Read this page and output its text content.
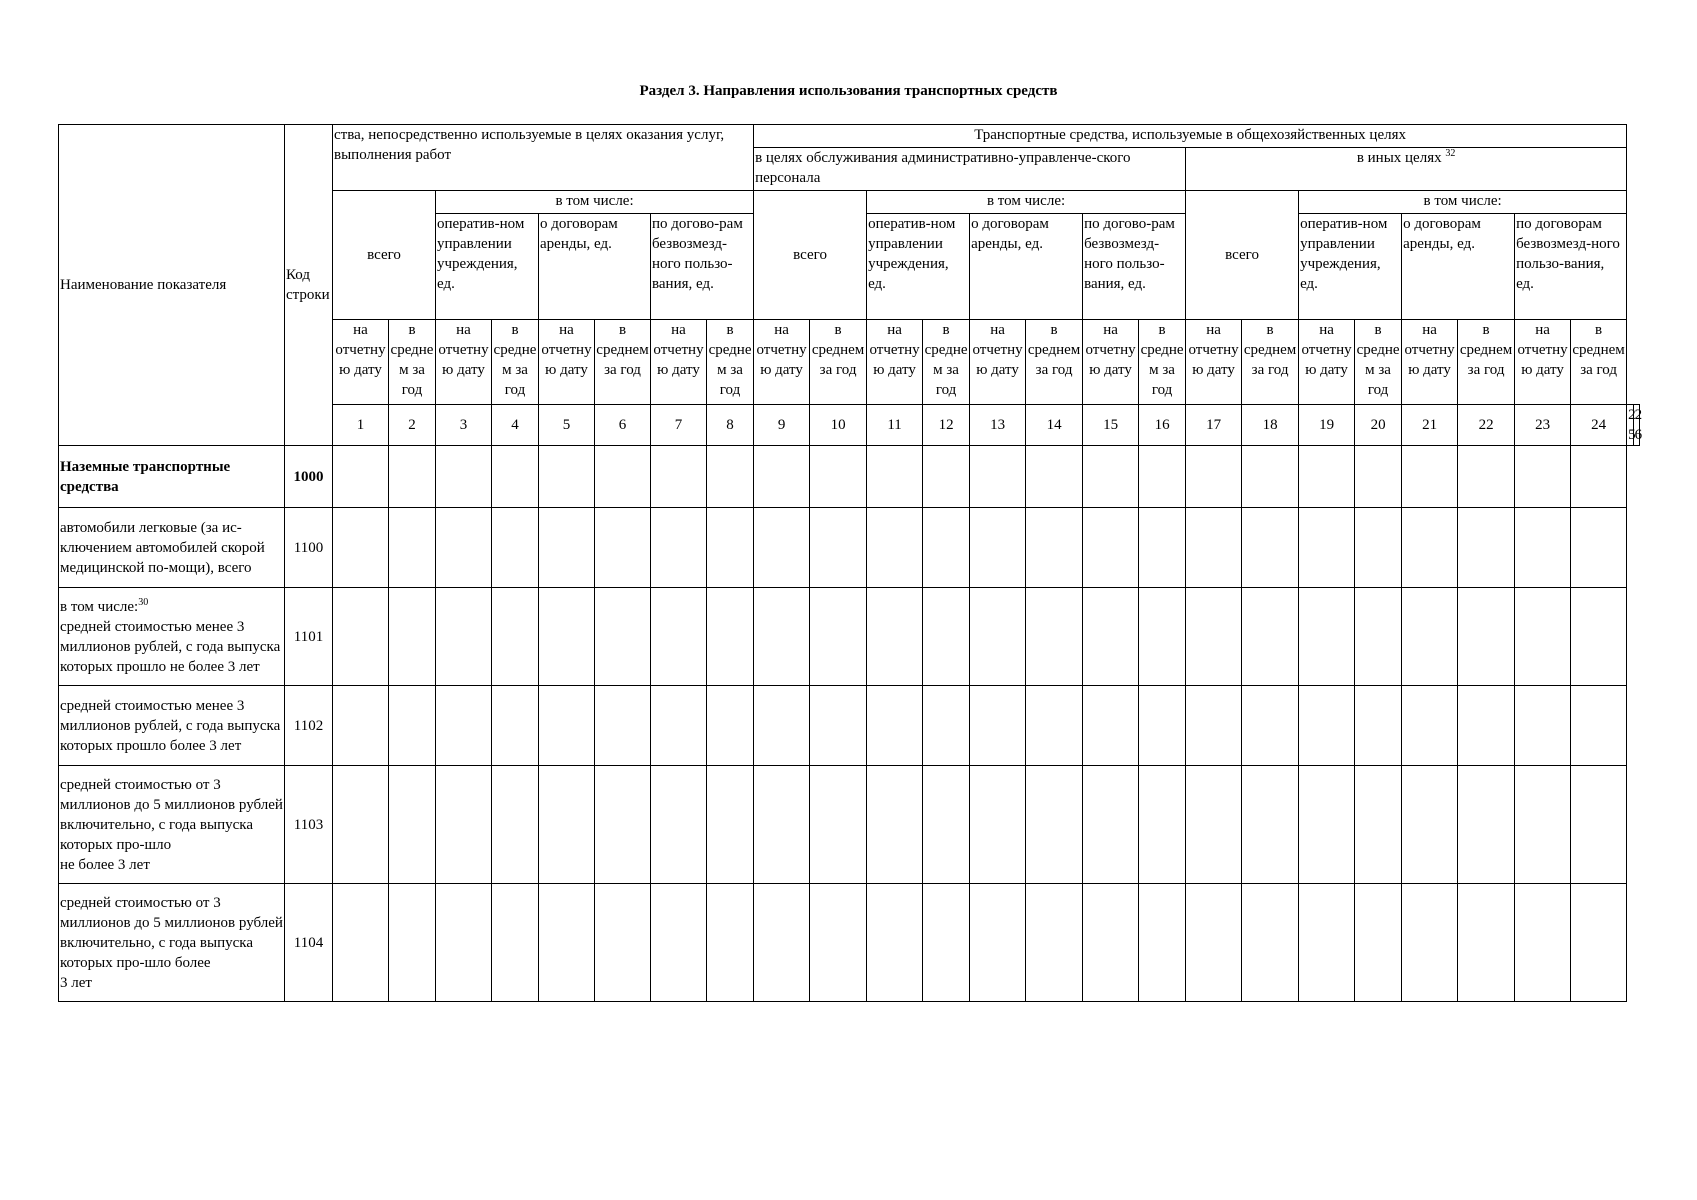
Раздел 3. Направления использования транспортных средств
Наименование показателя	Код строки	ства, непосредственно используемые в целях оказания услуг, выполнения работ								Транспортные средства, используемые в общехозяйственных целях																	
										в целях обслуживания административно-управленче-ского персонала								в иных целях $^{32}$
		всего		в том числе:						всего		в том числе:						всего		в том числе:							
				оператив-ном управлении учреждения, ед.		о договорам аренды, ед.		по догово-рам безвозмезд-ного пользо-вания, ед.				оператив-ном управлении учреждения, ед.		о договорам аренды, ед.		по догово-рам безвозмезд-ного пользо-вания, ед.				оператив-ном управлении учреждения, ед.		о договорам аренды, ед.		по договорам безвозмезд-ного пользо-вания, ед.			
		на отчетную дату	в среднем за год	на отчетную дату	в среднем за год	на отчетную дату	в среднем за год	на отчетную дату	в среднем за год	на отчетную дату	в среднем за год	на отчетную дату	в среднем за год	на отчетную дату	в среднем за год	на отчетную дату	в среднем за год	на отчетную дату	в среднем за год	на отчетную дату	в среднем за год	на отчетную дату	в среднем за год	на отчетную дату	в среднем за год		
		1	2	3	4	5	6	7	8	9	10	11	12	13	14	15	16	17	18	19	20	21	22	23	24	25	26
Наземные транспортные средства	1000																										
автомобили легковые (за ис-ключением автомобилей скорой медицинской по-мощи), всего	1100																										
в том числе:$^{30}$
средней стоимостью менее 3 миллионов рублей, с года выпуска которых прошло не более 3 лет	1101																										
средней стоимостью менее 3 миллионов рублей, с года выпуска которых прошло более 3 лет	1102																										
средней стоимостью от 3 миллионов до 5 миллионов рублей включительно, с года выпуска которых про-шло
не более 3 лет	1103																										
средней стоимостью от 3 миллионов до 5 миллионов рублей включительно, с года выпуска которых про-шло более
3 лет	1104																										
